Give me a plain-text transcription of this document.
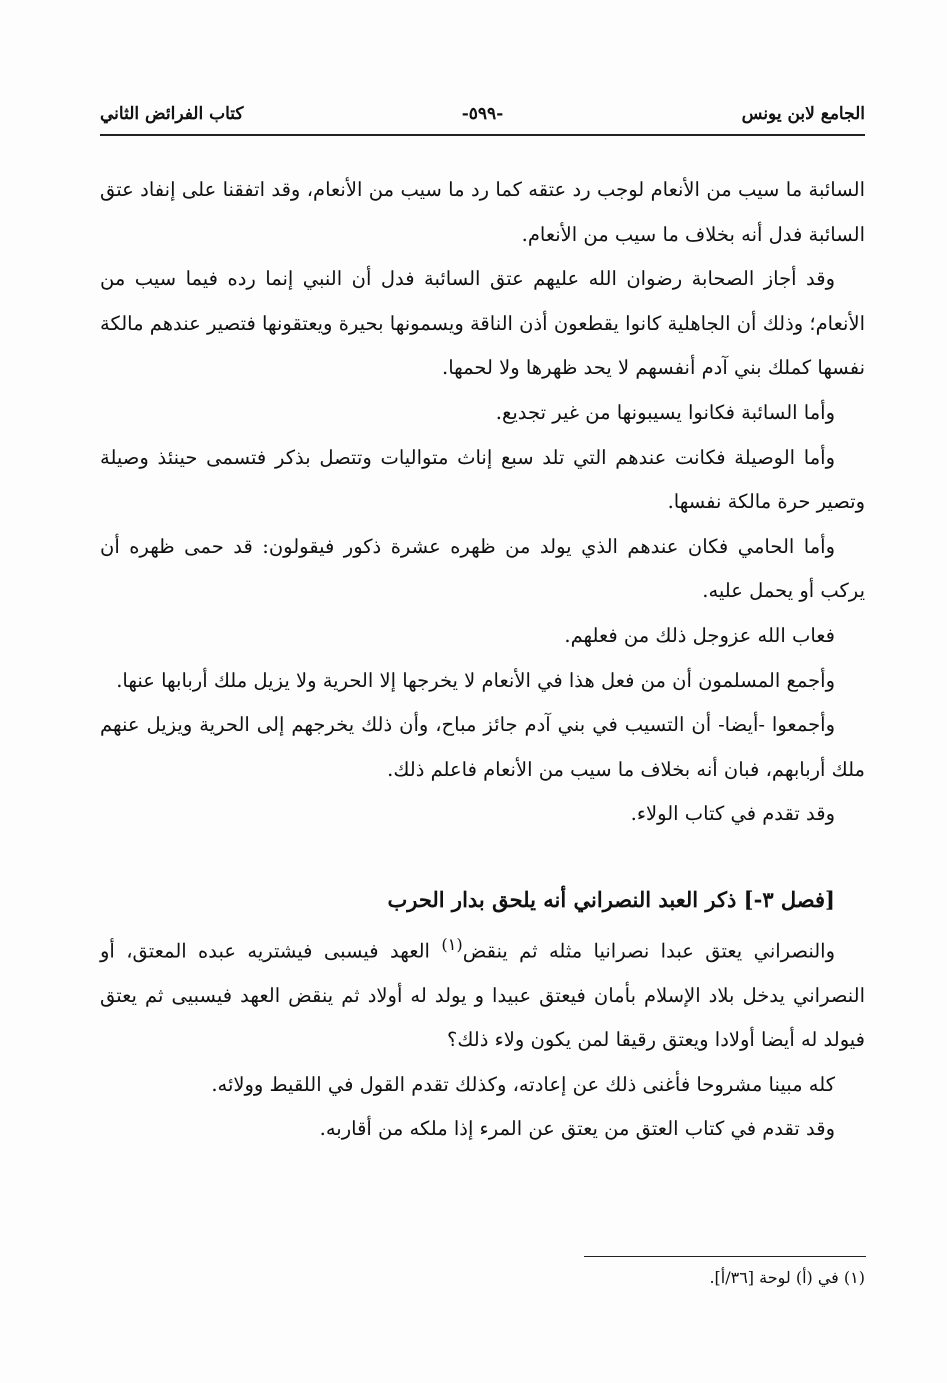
الجامع لابن يونس
-٥٩٩-
كتاب الفرائض الثاني

السائبة ما سيب من الأنعام لوجب رد عتقه كما رد ما سيب من الأنعام، وقد اتفقنا على إنفاد عتق السائبة فدل أنه بخلاف ما سيب من الأنعام.

وقد أجاز الصحابة رضوان الله عليهم عتق السائبة فدل أن النبي إنما رده فيما سيب من الأنعام؛ وذلك أن الجاهلية كانوا يقطعون أذن الناقة ويسمونها بحيرة ويعتقونها فتصير عندهم مالكة نفسها كملك بني آدم أنفسهم لا يحد ظهرها ولا لحمها.

وأما السائبة فكانوا يسيبونها من غير تجديع.

وأما الوصيلة فكانت عندهم التي تلد سبع إناث متواليات وتتصل بذكر فتسمى حينئذ وصيلة وتصير حرة مالكة نفسها.

وأما الحامي فكان عندهم الذي يولد من ظهره عشرة ذكور فيقولون: قد حمى ظهره أن يركب أو يحمل عليه.

فعاب الله عزوجل ذلك من فعلهم.

وأجمع المسلمون أن من فعل هذا في الأنعام لا يخرجها إلا الحرية ولا يزيل ملك أربابها عنها.

وأجمعوا -أيضا- أن التسيب في بني آدم جائز مباح، وأن ذلك يخرجهم إلى الحرية ويزيل عنهم ملك أربابهم، فبان أنه بخلاف ما سيب من الأنعام فاعلم ذلك.

وقد تقدم في كتاب الولاء.

[فصل ٣-] ذكر العبد النصراني أنه يلحق بدار الحرب

والنصراني يعتق عبدا نصرانيا مثله ثم ينقض$^{(١)}$ العهد فيسبى فيشتريه عبده المعتق، أو النصراني يدخل بلاد الإسلام بأمان فيعتق عبيدا و يولد له أولاد ثم ينقض العهد فيسبيى ثم يعتق فيولد له أيضا أولادا ويعتق رقيقا لمن يكون ولاء ذلك؟

كله مبينا مشروحا فأغنى ذلك عن إعادته، وكذلك تقدم القول في اللقيط وولائه.

وقد تقدم في كتاب العتق من يعتق عن المرء إذا ملكه من أقاربه.

(١) في (أ) لوحة [٣٦/أ].
